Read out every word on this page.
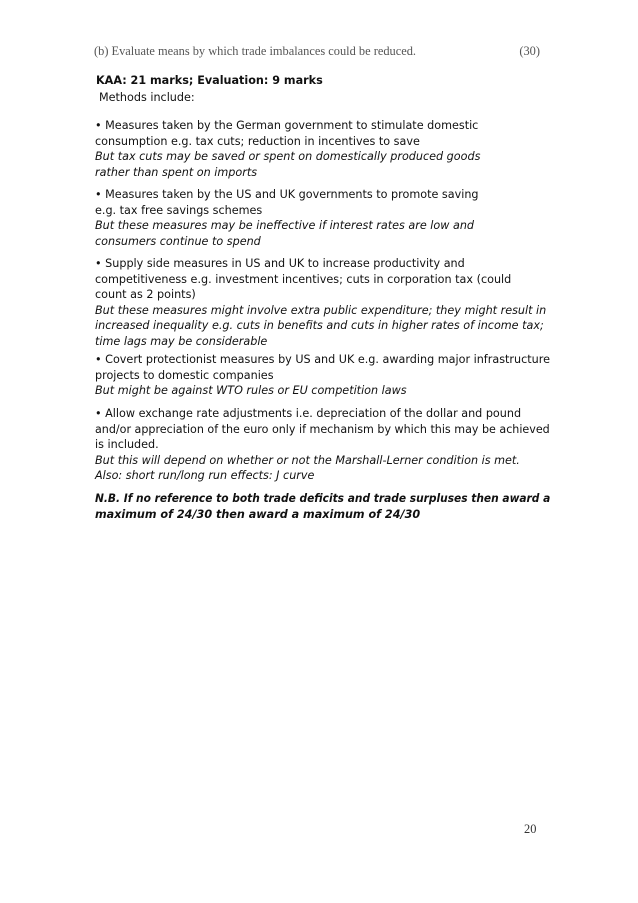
(b) Evaluate means by which trade imbalances could be reduced.	(30)
KAA: 21 marks; Evaluation: 9 marks
Methods include:
• Measures taken by the German government to stimulate domestic
consumption e.g. tax cuts; reduction in incentives to save
But tax cuts may be saved or spent on domestically produced goods
rather than spent on imports
• Measures taken by the US and UK governments to promote saving
e.g. tax free savings schemes
But these measures may be ineffective if interest rates are low and
consumers continue to spend
• Supply side measures in US and UK to increase productivity and
competitiveness e.g. investment incentives; cuts in corporation tax (could
count as 2 points)
But these measures might involve extra public expenditure; they might result in
increased inequality e.g. cuts in benefits and cuts in higher rates of income tax;
time lags may be considerable
• Covert protectionist measures by US and UK e.g. awarding major infrastructure
projects to domestic companies
But might be against WTO rules or EU competition laws
• Allow exchange rate adjustments i.e. depreciation of the dollar and pound
and/or appreciation of the euro only if mechanism by which this may be achieved
is included.
But this will depend on whether or not the Marshall-Lerner condition is met.
Also: short run/long run effects: J curve
N.B. If no reference to both trade deficits and trade surpluses then award a
maximum of 24/30 then award a maximum of 24/30
20
